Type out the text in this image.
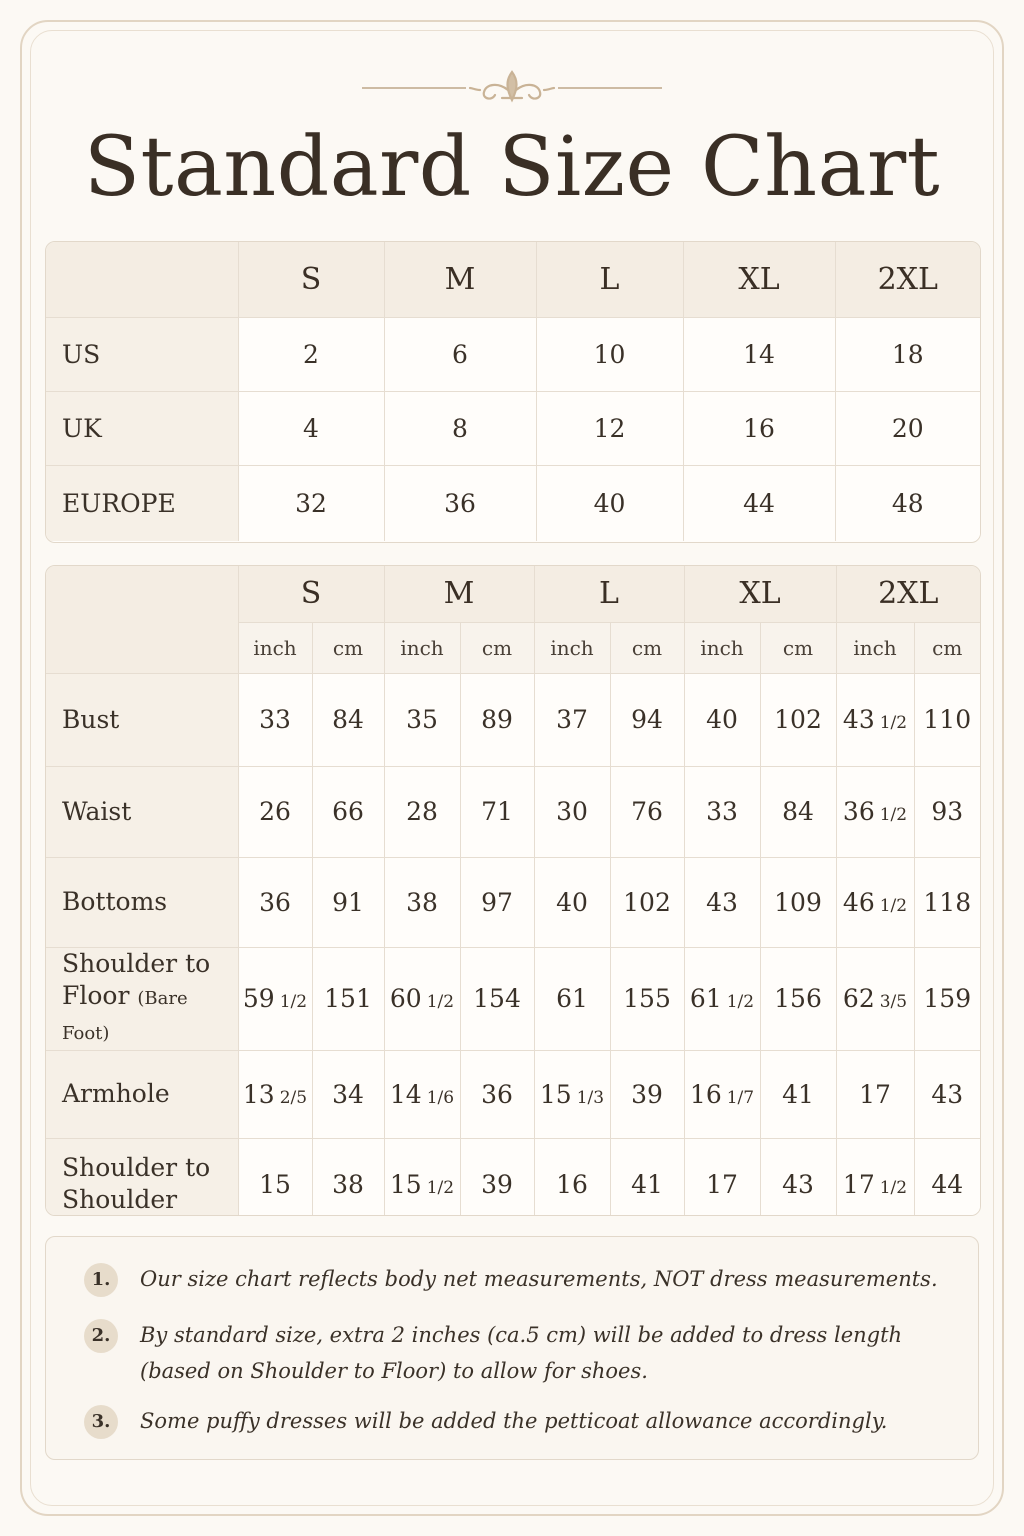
Standard Size Chart
	S	M	L	XL	2XL
US	2	6	10	14	18
UK	4	8	12	16	20
EUROPE	32	36	40	44	48
	S		M		L		XL		2XL	
	inch	cm	inch	cm	inch	cm	inch	cm	inch	cm
Bust	33	84	35	89	37	94	40	102	43 1/2	110
Waist	26	66	28	71	30	76	33	84	36 1/2	93
Bottoms	36	91	38	97	40	102	43	109	46 1/2	118
Shoulder to
Floor (Bare Foot)	59 1/2	151	60 1/2	154	61	155	61 1/2	156	62 3/5	159
Armhole	13 2/5	34	14 1/6	36	15 1/3	39	16 1/7	41	17	43
Shoulder to
Shoulder	15	38	15 1/2	39	16	41	17	43	17 1/2	44
1.	Our size chart reflects body net measurements, NOT dress measurements.
2.	By standard size, extra 2 inches (ca.5 cm) will be added to dress length
(based on Shoulder to Floor) to allow for shoes.
3.	Some puffy dresses will be added the petticoat allowance accordingly.
